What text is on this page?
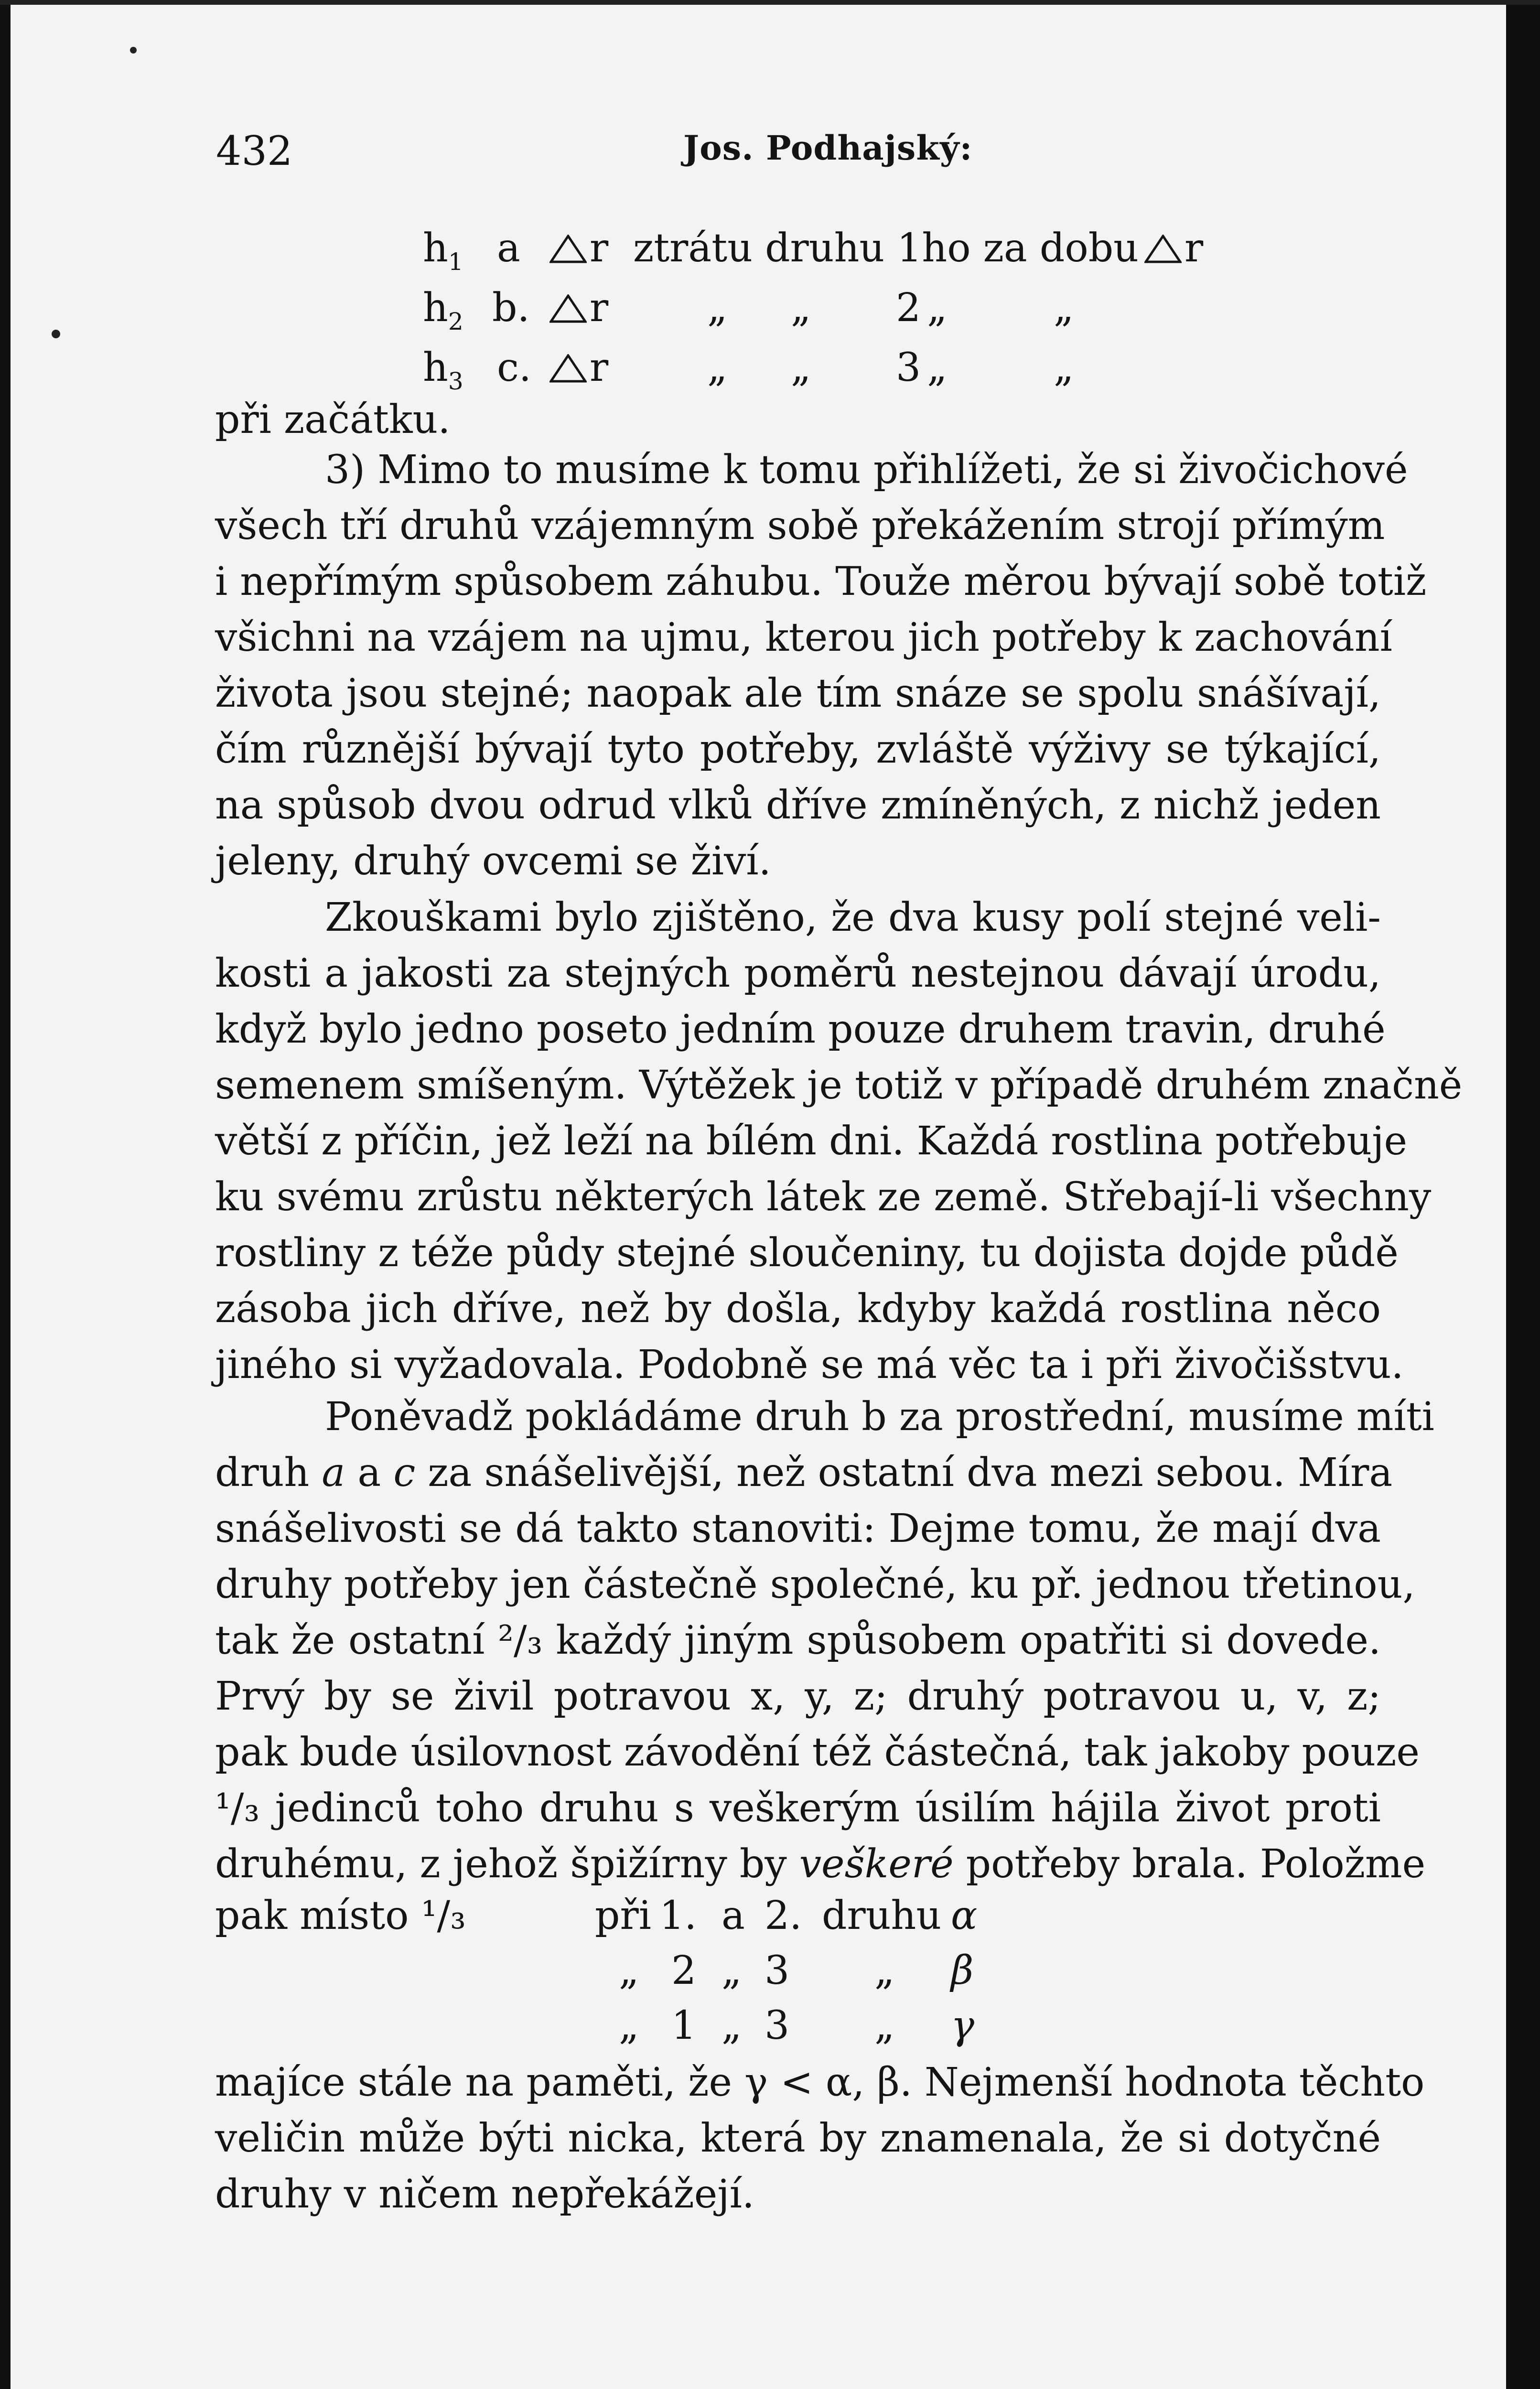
432	Jos. Podhajský:
$h_1$ a	r ztrátu druhu 1ho za dobu	r
$h_2$ b.	r	„ „ 2 „	„
$h_3$ c.	r	„ „ 3 „	„
při začátku.
3) Mimo to musíme k tomu přihlížeti, že si živočichové
všech tří druhů vzájemným sobě překážením strojí přímým
i nepřímým spůsobem záhubu. Touže měrou bývají sobě totiž
všichni na vzájem na ujmu, kterou jich potřeby k zachování
života jsou stejné; naopak ale tím snáze se spolu snášívají,
čím různější bývají tyto potřeby, zvláště výživy se týkající,
na spůsob dvou odrud vlků dříve zmíněných, z nichž jeden
jeleny, druhý ovcemi se živí.
Zkouškami bylo zjištěno, že dva kusy polí stejné veli-
kosti a jakosti za stejných poměrů nestejnou dávají úrodu,
když bylo jedno poseto jedním pouze druhem travin, druhé
semenem smíšeným. Výtěžek je totiž v případě druhém značně
větší z příčin, jež leží na bílém dni. Každá rostlina potřebuje
ku svému zrůstu některých látek ze země. Střebají-li všechny
rostliny z téže půdy stejné sloučeniny, tu dojista dojde půdě
zásoba jich dříve, než by došla, kdyby každá rostlina něco
jiného si vyžadovala. Podobně se má věc ta i při živočišstvu.
Poněvadž pokládáme druh b za prostřední, musíme míti
druh a a c za snášelivější, než ostatní dva mezi sebou. Míra
snášelivosti se dá takto stanoviti: Dejme tomu, že mají dva
druhy potřeby jen částečně společné, ku př. jednou třetinou,
tak že ostatní ²/₃ každý jiným spůsobem opatřiti si dovede.
Prvý by se živil potravou x, y, z; druhý potravou u, v, z;
pak bude úsilovnost závodění též částečná, tak jakoby pouze
¹/₃ jedinců toho druhu s veškerým úsilím hájila život proti
druhému, z jehož špižírny by veškeré potřeby brala. Položme
pak místo ¹/₃	při 1. a 2. druhu α
„ 2 „ 3 „ β
„ 1 „ 3 „ γ
majíce stále na paměti, že γ < α, β. Nejmenší hodnota těchto
veličin může býti nicka, která by znamenala, že si dotyčné
druhy v ničem nepřekážejí.
